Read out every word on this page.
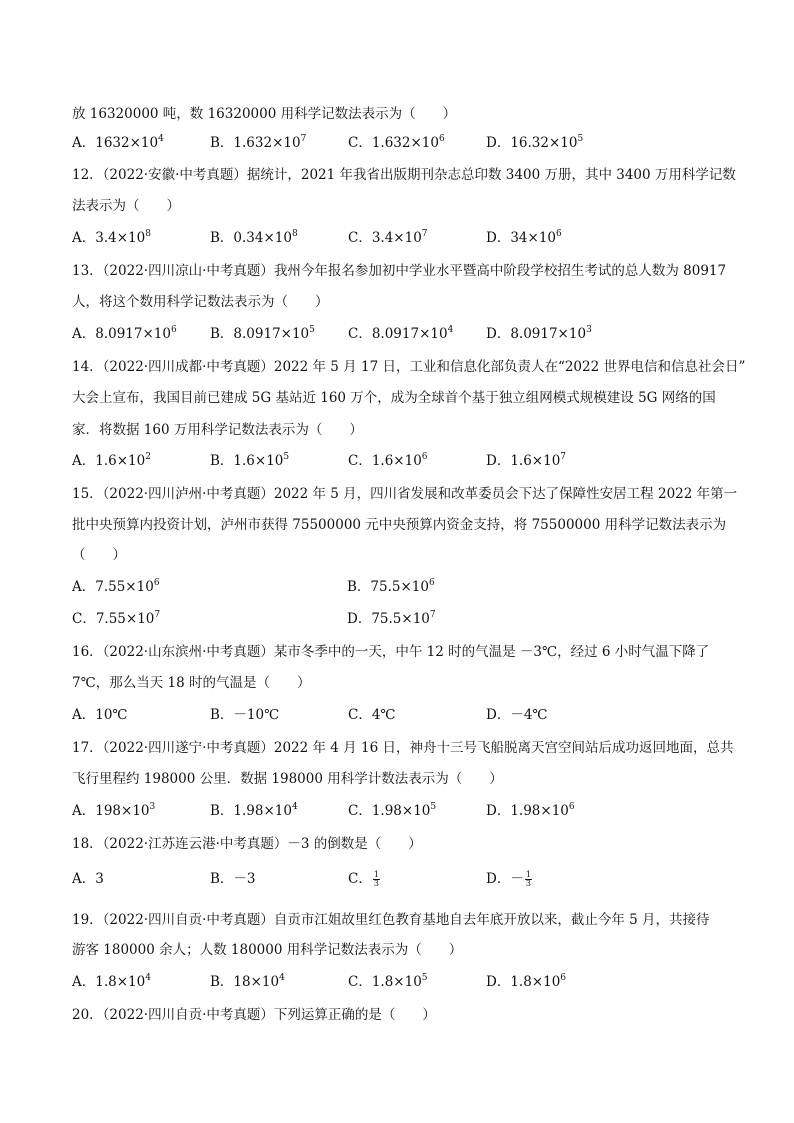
放 16320000 吨，数 16320000 用科学记数法表示为（　　）
A．$1632\times 10^4$	B．$1.632\times 10^7$	C．$1.632\times 10^6$	D．$16.32\times 10^5$
12．（2022·安徽·中考真题）据统计，2021 年我省出版期刊杂志总印数 3400 万册，其中 3400 万用科学记数
法表示为（　　）
A．$3.4\times 10^8$	B．$0.34\times 10^8$	C．$3.4\times 10^7$	D．$34\times 10^6$
13．（2022·四川凉山·中考真题）我州今年报名参加初中学业水平暨高中阶段学校招生考试的总人数为 80917
人，将这个数用科学记数法表示为（　　）
A．$8.0917\times 10^6$ B．$8.0917\times 10^5$ C．$8.0917\times 10^4$ D．$8.0917\times 10^3$
14．（2022·四川成都·中考真题）2022 年 5 月 17 日，工业和信息化部负责人在“2022 世界电信和信息社会日”
大会上宣布，我国目前已建成 5G 基站近 160 万个，成为全球首个基于独立组网模式规模建设 5G 网络的国
家．将数据 160 万用科学记数法表示为（　　）
A．$1.6\times 10^2$	B．$1.6\times 10^5$	C．$1.6\times 10^6$	D．$1.6\times 10^7$
15．（2022·四川泸州·中考真题）2022 年 5 月，四川省发展和改革委员会下达了保障性安居工程 2022 年第一
批中央预算内投资计划，泸州市获得 75500000 元中央预算内资金支持，将 75500000 用科学记数法表示为
（　　）
A．$7.55\times 10^6$	B．$75.5\times 10^6$
C．$7.55\times 10^7$	D．$75.5\times 10^7$
16．（2022·山东滨州·中考真题）某市冬季中的一天，中午 12 时的气温是 －3℃，经过 6 小时气温下降了
7℃，那么当天 18 时的气温是（　　）
A．10℃	B．－10℃	C．4℃	D．－4℃
17．（2022·四川遂宁·中考真题）2022 年 4 月 16 日，神舟十三号飞船脱离天宫空间站后成功返回地面，总共
飞行里程约 198000 公里．数据 198000 用科学计数法表示为（　　）
A．$198\times 10^3$	B．$1.98\times 10^4$	C．$1.98\times 10^5$	D．$1.98\times 10^6$
18．（2022·江苏连云港·中考真题）－3 的倒数是（　　）
A．3	B．－3	C． $\frac{1}{3}$	D．－ $\frac{1}{3}$
19．（2022·四川自贡·中考真题）自贡市江姐故里红色教育基地自去年底开放以来，截止今年 5 月，共接待
游客 180000 余人；人数 180000 用科学记数法表示为（　　）
A．$1.8\times 10^4$	B．$18\times 10^4$	C．$1.8\times 10^5$	D．$1.8\times 10^6$
20．（2022·四川自贡·中考真题）下列运算正确的是（　　）
